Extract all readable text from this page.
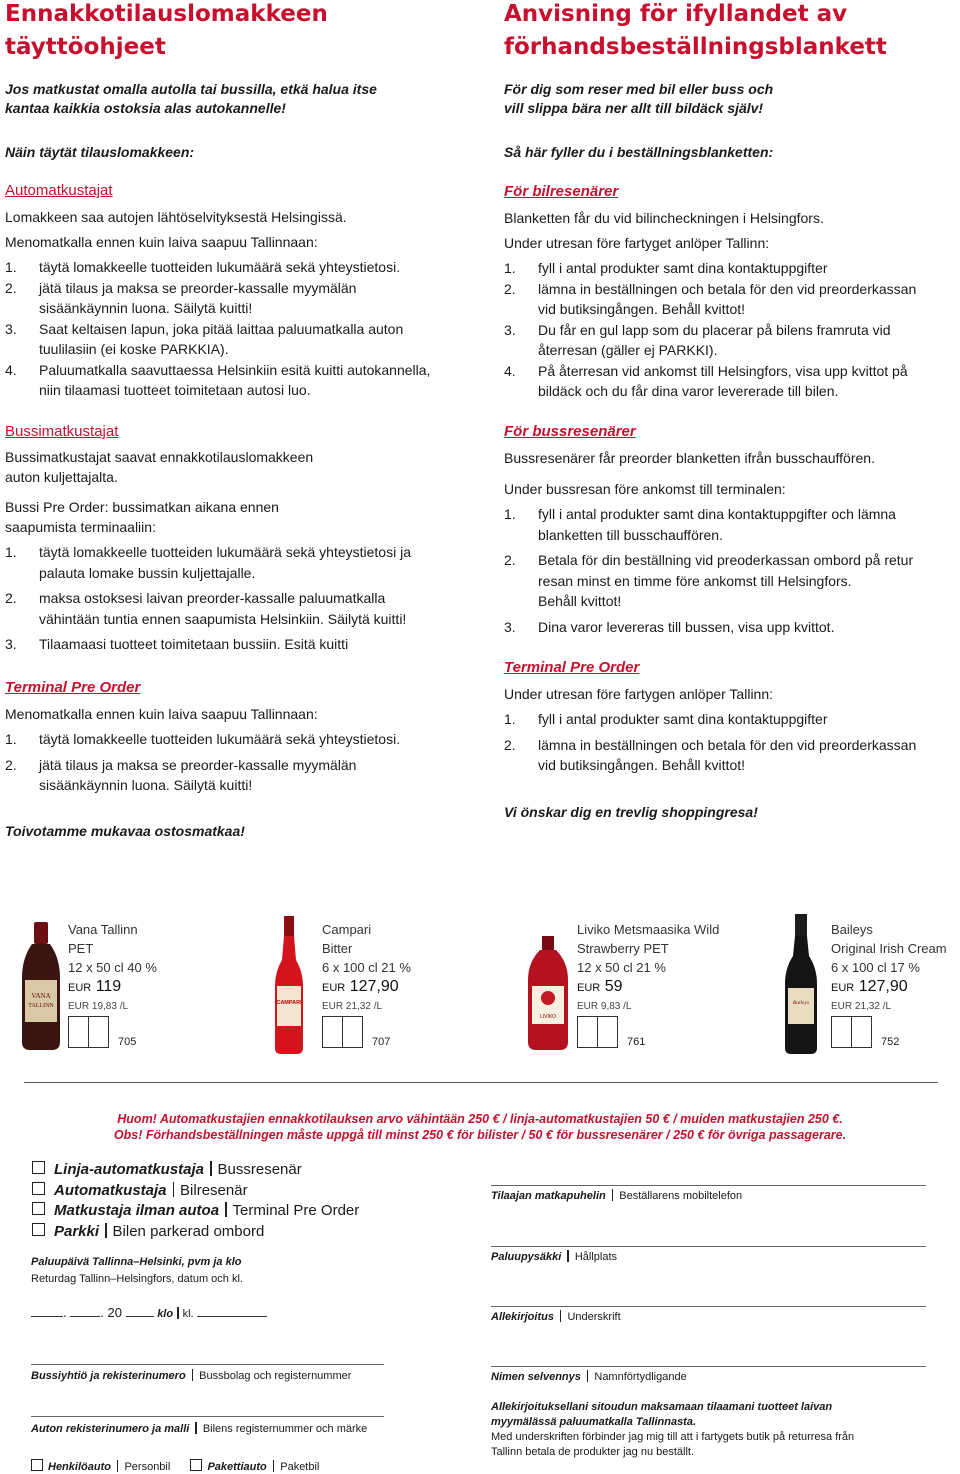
Ennakkotilauslomakkeen
täyttöohjeet
Jos matkustat omalla autolla tai bussilla, etkä halua itse
kantaa kaikkia ostoksia alas autokannelle!
Näin täytät tilauslomakkeen:
Automatkustajat

Lomakkeen saa autojen lähtöselvityksestä Helsingissä.

Menomatkalla ennen kuin laiva saapuu Tallinnaan:

1. täytä lomakkeelle tuotteiden lukumäärä sekä yhteystietosi.
2. jätä tilaus ja maksa se preorder-kassalle myymälän
sisäänkäynnin luona. Säilytä kuitti!
3. Saat keltaisen lapun, joka pitää laittaa paluumatkalla auton
tuulilasiin (ei koske PARKKIA).
4. Paluumatkalla saavuttaessa Helsinkiin esitä kuitti autokannella,
niin tilaamasi tuotteet toimitetaan autosi luo.
Bussimatkustajat

Bussimatkustajat saavat ennakkotilauslomakkeen

auton kuljettajalta.

Bussi Pre Order: bussimatkan aikana ennen

saapumista terminaaliin:

1. täytä lomakkeelle tuotteiden lukumäärä sekä yhteystietosi ja
palauta lomake bussin kuljettajalle.
2. maksa ostoksesi laivan preorder-kassalle paluumatkalla
vähintään tuntia ennen saapumista Helsinkiin. Säilytä kuitti!
3. Tilaamaasi tuotteet toimitetaan bussiin. Esitä kuitti
Terminal Pre Order

Menomatkalla ennen kuin laiva saapuu Tallinnaan:

1. täytä lomakkeelle tuotteiden lukumäärä sekä yhteystietosi.
2. jätä tilaus ja maksa se preorder-kassalle myymälän
sisäänkäynnin luona. Säilytä kuitti!
Toivotamme mukavaa ostosmatkaa!
Anvisning för ifyllandet av
förhandsbeställningsblankett
För dig som reser med bil eller buss och
vill slippa bära ner allt till bildäck själv!
Så här fyller du i beställningsblanketten:
För bilresenärer

Blanketten får du vid bilincheckningen i Helsingfors.

Under utresan före fartyget anlöper Tallinn:

1. fyll i antal produkter samt dina kontaktuppgifter
2. lämna in beställningen och betala för den vid preorderkassan
vid butiksingången. Behåll kvittot!
3. Du får en gul lapp som du placerar på bilens framruta vid
återresan (gäller ej PARKKI).
4. På återresan vid ankomst till Helsingfors, visa upp kvittot på
bildäck och du får dina varor levererade till bilen.
För bussresenärer

Bussresenärer får preorder blanketten ifrån busschauffören.

Under bussresan före ankomst till terminalen:

1. fyll i antal produkter samt dina kontaktuppgifter och lämna
blanketten till busschauffören.
2. Betala för din beställning vid preoderkassan ombord på retur
resan minst en timme före ankomst till Helsingfors.
Behåll kvittot!
3. Dina varor levereras till bussen, visa upp kvittot.
Terminal Pre Order

Under utresan före fartygen anlöper Tallinn:

1. fyll i antal produkter samt dina kontaktuppgifter
2. lämna in beställningen och betala för den vid preorderkassan
vid butiksingången. Behåll kvittot!
Vi önskar dig en trevlig shoppingresa!
VANA
TALLINN	CAMPARI
LIVIKO
Baileys
Vana Tallinn
PET
12 x 50 cl 40 %
EUR 119
EUR 19,83 /L
705
Campari
Bitter
6 x 100 cl 21 %
EUR 127,90
EUR 21,32 /L
707
Liviko Metsmaasika Wild
Strawberry PET
12 x 50 cl 21 %
EUR 59
EUR 9,83 /L
761
Baileys
Original Irish Cream
6 x 100 cl 17 %
EUR 127,90
EUR 21,32 /L
752
Huom! Automatkustajien ennakkotilauksen arvo vähintään 250 € / linja-automatkustajien 50 € / muiden matkustajien 250 €.
Obs! Förhandsbeställningen måste uppgå till minst 250 € för bilister / 50 € för bussresenärer / 250 € för övriga passagerare.
Linja-automatkustaja Bussresenär
Automatkustaja Bilresenär
Matkustaja ilman autoa Terminal Pre Order
Parkki Bilen parkerad ombord
Paluupäivä Tallinna–Helsinki, pvm ja klo
Returdag Tallinn–Helsingfors, datum och kl.
.	. 20	klo kl.
Bussiyhtiö ja rekisterinumero Bussbolag och registernummer
Auton rekisterinumero ja malli Bilens registernummer och märke
Henkilöauto Personbil	Pakettiauto Paketbil
Tilaajan matkapuhelin Beställarens mobiltelefon
Paluupysäkki Hållplats
Allekirjoitus Underskrift
Nimen selvennys Namnförtydligande
Allekirjoituksellani sitoudun maksamaan tilaamani tuotteet laivan
myymälässä paluumatkalla Tallinnasta.
Med underskriften förbinder jag mig till att i fartygets butik på returresa från
Tallinn betala de produkter jag nu beställt.
